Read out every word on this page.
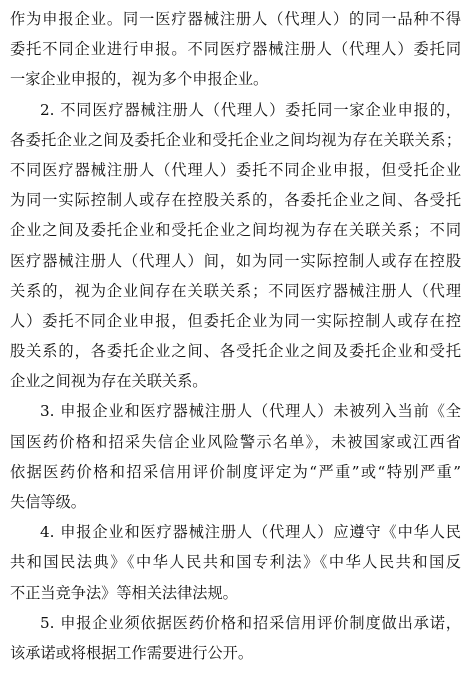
作为申报企业。同一医疗器械注册人（代理人）的同一品种不得
委托不同企业进行申报。不同医疗器械注册人（代理人）委托同
一家企业申报的，视为多个申报企业。
2. 不同医疗器械注册人（代理人）委托同一家企业申报的，
各委托企业之间及委托企业和受托企业之间均视为存在关联关系；
不同医疗器械注册人（代理人）委托不同企业申报，但受托企业
为同一实际控制人或存在控股关系的，各委托企业之间、各受托
企业之间及委托企业和受托企业之间均视为存在关联关系；不同
医疗器械注册人（代理人）间，如为同一实际控制人或存在控股
关系的，视为企业间存在关联关系；不同医疗器械注册人（代理
人）委托不同企业申报，但委托企业为同一实际控制人或存在控
股关系的，各委托企业之间、各受托企业之间及委托企业和受托
企业之间视为存在关联关系。
3. 申报企业和医疗器械注册人（代理人）未被列入当前《全
国医药价格和招采失信企业风险警示名单》，未被国家或江西省
依据医药价格和招采信用评价制度评定为“严重”或“特别严重”
失信等级。
4. 申报企业和医疗器械注册人（代理人）应遵守《中华人民
共和国民法典》《中华人民共和国专利法》《中华人民共和国反
不正当竞争法》等相关法律法规。
5. 申报企业须依据医药价格和招采信用评价制度做出承诺，
该承诺或将根据工作需要进行公开。
